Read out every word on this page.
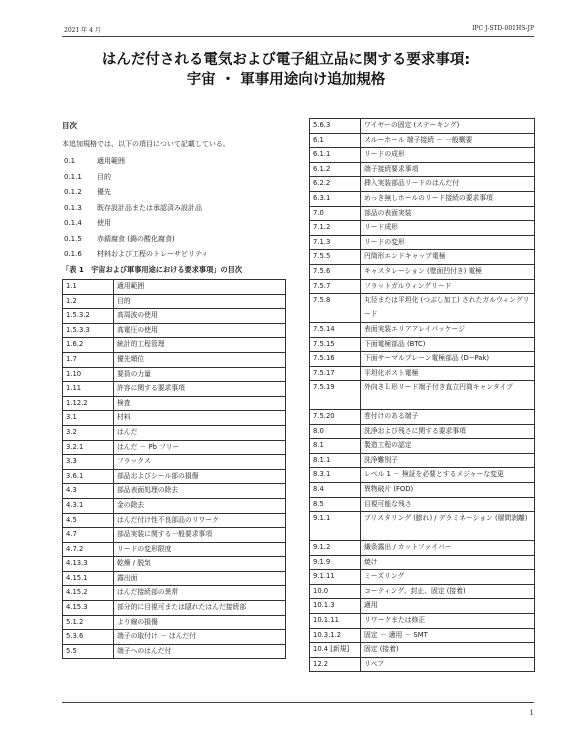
2021 年 4 月	IPC J-STD-001HS-JP
はんだ付される電気および電子組立品に関する要求事項:
宇宙 ・ 軍事用途向け追加規格
目次
本追加規格では、以下の項目について記載している。
0.1	適用範囲
0.1.1	目的
0.1.2	優先
0.1.3	既存設計品または承認済み設計品
0.1.4	使用
0.1.5	赤錆腐食 (錫の酸化腐食)
0.1.6	材料および工程のトレーサビリティ
「表 1　宇宙および軍事用途における要求事項」の目次
1.1	適用範囲
1.2	目的
1.5.3.2	高周波の使用
1.5.3.3	高電圧の使用
1.6.2	統計的工程管理
1.7	優先順位
1.10	要員の力量
1.11	許容に関する要求事項
1.12.2	検査
3.1	材料
3.2	はんだ
3.2.1	はんだ － Pb フリー
3.3	フラックス
3.6.1	部品およびシール部の損傷
4.3	部品表面処理の除去
4.3.1	金の除去
4.5	はんだ付け性不良部品のリワーク
4.7	部品実装に関する一般要求事項
4.7.2	リードの変形限度
4.13.3	乾燥 / 脱気
4.15.1	露出面
4.15.2	はんだ接続部の異常
4.15.3	部分的に目視可または隠れたはんだ接続部
5.1.2	より線の損傷
5.3.6	端子の取付け － はんだ付
5.5	端子へのはんだ付
5.6.3	ワイヤーの固定 (ステーキング)
6.1	スルーホール 端子接続 － 一般概要
6.1.1	リードの成形
6.1.2	端子接続要求事項
6.2.2	挿入実装部品リードのはんだ付
6.3.1	めっき無しホールのリード接続の要求事項
7.0	部品の表面実装
7.1.2	リード成形
7.1.3	リードの変形
7.5.5	円筒形エンドキャップ電極
7.5.6	キャスタレーション (壁面凹付き) 電極
7.5.7	フラットガルウィングリード
7.5.8	丸径または平坦化 (つぶし加工) されたガルウィングリード
7.5.14	表面実装エリアアレイパッケージ
7.5.15	下面電極部品 (BTC)
7.5.16	下面サーマルプレーン電極部品 (D−Pak)
7.5.17	平坦化ポスト電極
7.5.19	外向きＬ形リード端子付き直立円筒キャンタイプ
7.5.20	巻付けのある端子
8.0	洗浄および残さに関する要求事項
8.1	製造工程の認定
8.1.1	洗浄難別子
8.3.1	レベル 1 － 検証を必要とするメジャーな変更
8.4	異物破片 (FOD)
8.5	目視可能な残さ
9.1.1	ブリスタリング (膨れ) / デラミネーション (層間剥離)
9.1.2	繊条露出 / カットファイバー
9.1.9	焼け
9.1.11	ミーズリング
10.0	コーティング、封止、固定 (接着)
10.1.3	適用
10.1.11	リワークまたは修正
10.3.1.2	固定 － 適用 － SMT
10.4 [新規]	固定 (接着)
12.2	リペア
1
